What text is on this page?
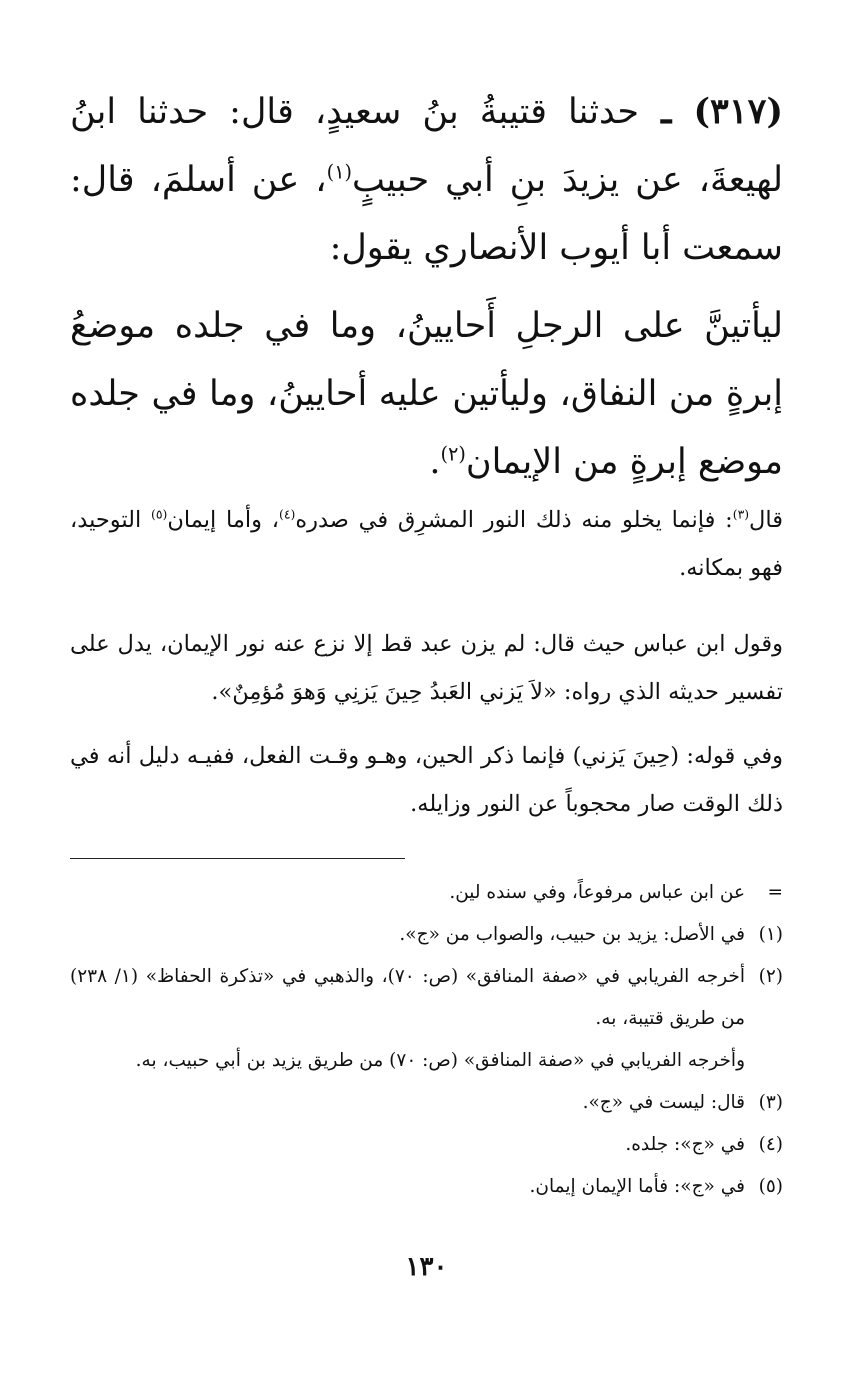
(٣١٧) ـ حدثنا قتيبةُ بنُ سعيدٍ، قال: حدثنا ابنُ لهيعةَ، عن يزيدَ بنِ أبي حبيبٍ$^{(١)}$، عن أسلمَ، قال: سمعت أبا أيوب الأنصاري يقول:

ليأتينَّ على الرجلِ أَحايينُ، وما في جلده موضعُ إبرةٍ من النفاق، وليأتين عليه أحايينُ، وما في جلده موضع إبرةٍ من الإيمان$^{(٢)}$.

قال$^{(٣)}$: فإنما يخلو منه ذلك النور المشرِق في صدره$^{(٤)}$، وأما إيمان$^{(٥)}$ التوحيد، فهو بمكانه.

وقول ابن عباس حيث قال: لم يزن عبد قط إلا نزع عنه نور الإيمان، يدل على تفسير حديثه الذي رواه: «لاَ يَزني العَبدُ حِينَ يَزنِي وَهوَ مُؤمِنٌ».

وفي قوله: (حِينَ يَزني) فإنما ذكر الحين، وهـو وقـت الفعل، ففيـه دليل أنه في ذلك الوقت صار محجوباً عن النور وزايله.

=
عن ابن عباس مرفوعاً، وفي سنده لين.
(١)
في الأصل: يزيد بن حبيب، والصواب من «ج».
(٢)
أخرجه الفريابي في «صفة المنافق» (ص: ٧٠)، والذهبي في «تذكرة الحفاظ» (١/ ٢٣٨) من طريق قتيبة، به.
وأخرجه الفريابي في «صفة المنافق» (ص: ٧٠) من طريق يزيد بن أبي حبيب، به.
(٣)
قال: ليست في «ج».
(٤)
في «ج»: جلده.
(٥)
في «ج»: فأما الإيمان إيمان.
١٣٠
